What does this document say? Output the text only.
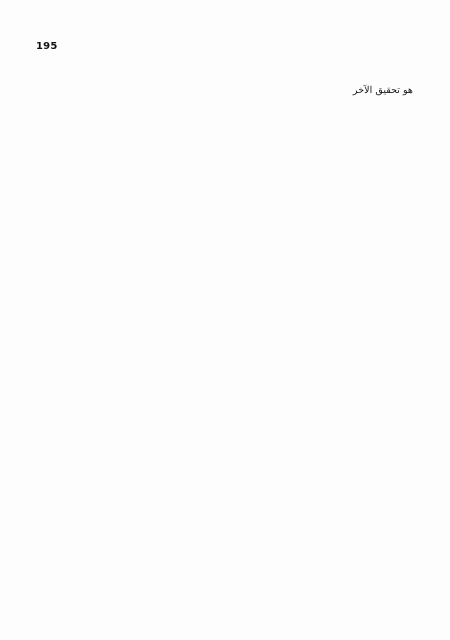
195
هو تحقيق الآخر
